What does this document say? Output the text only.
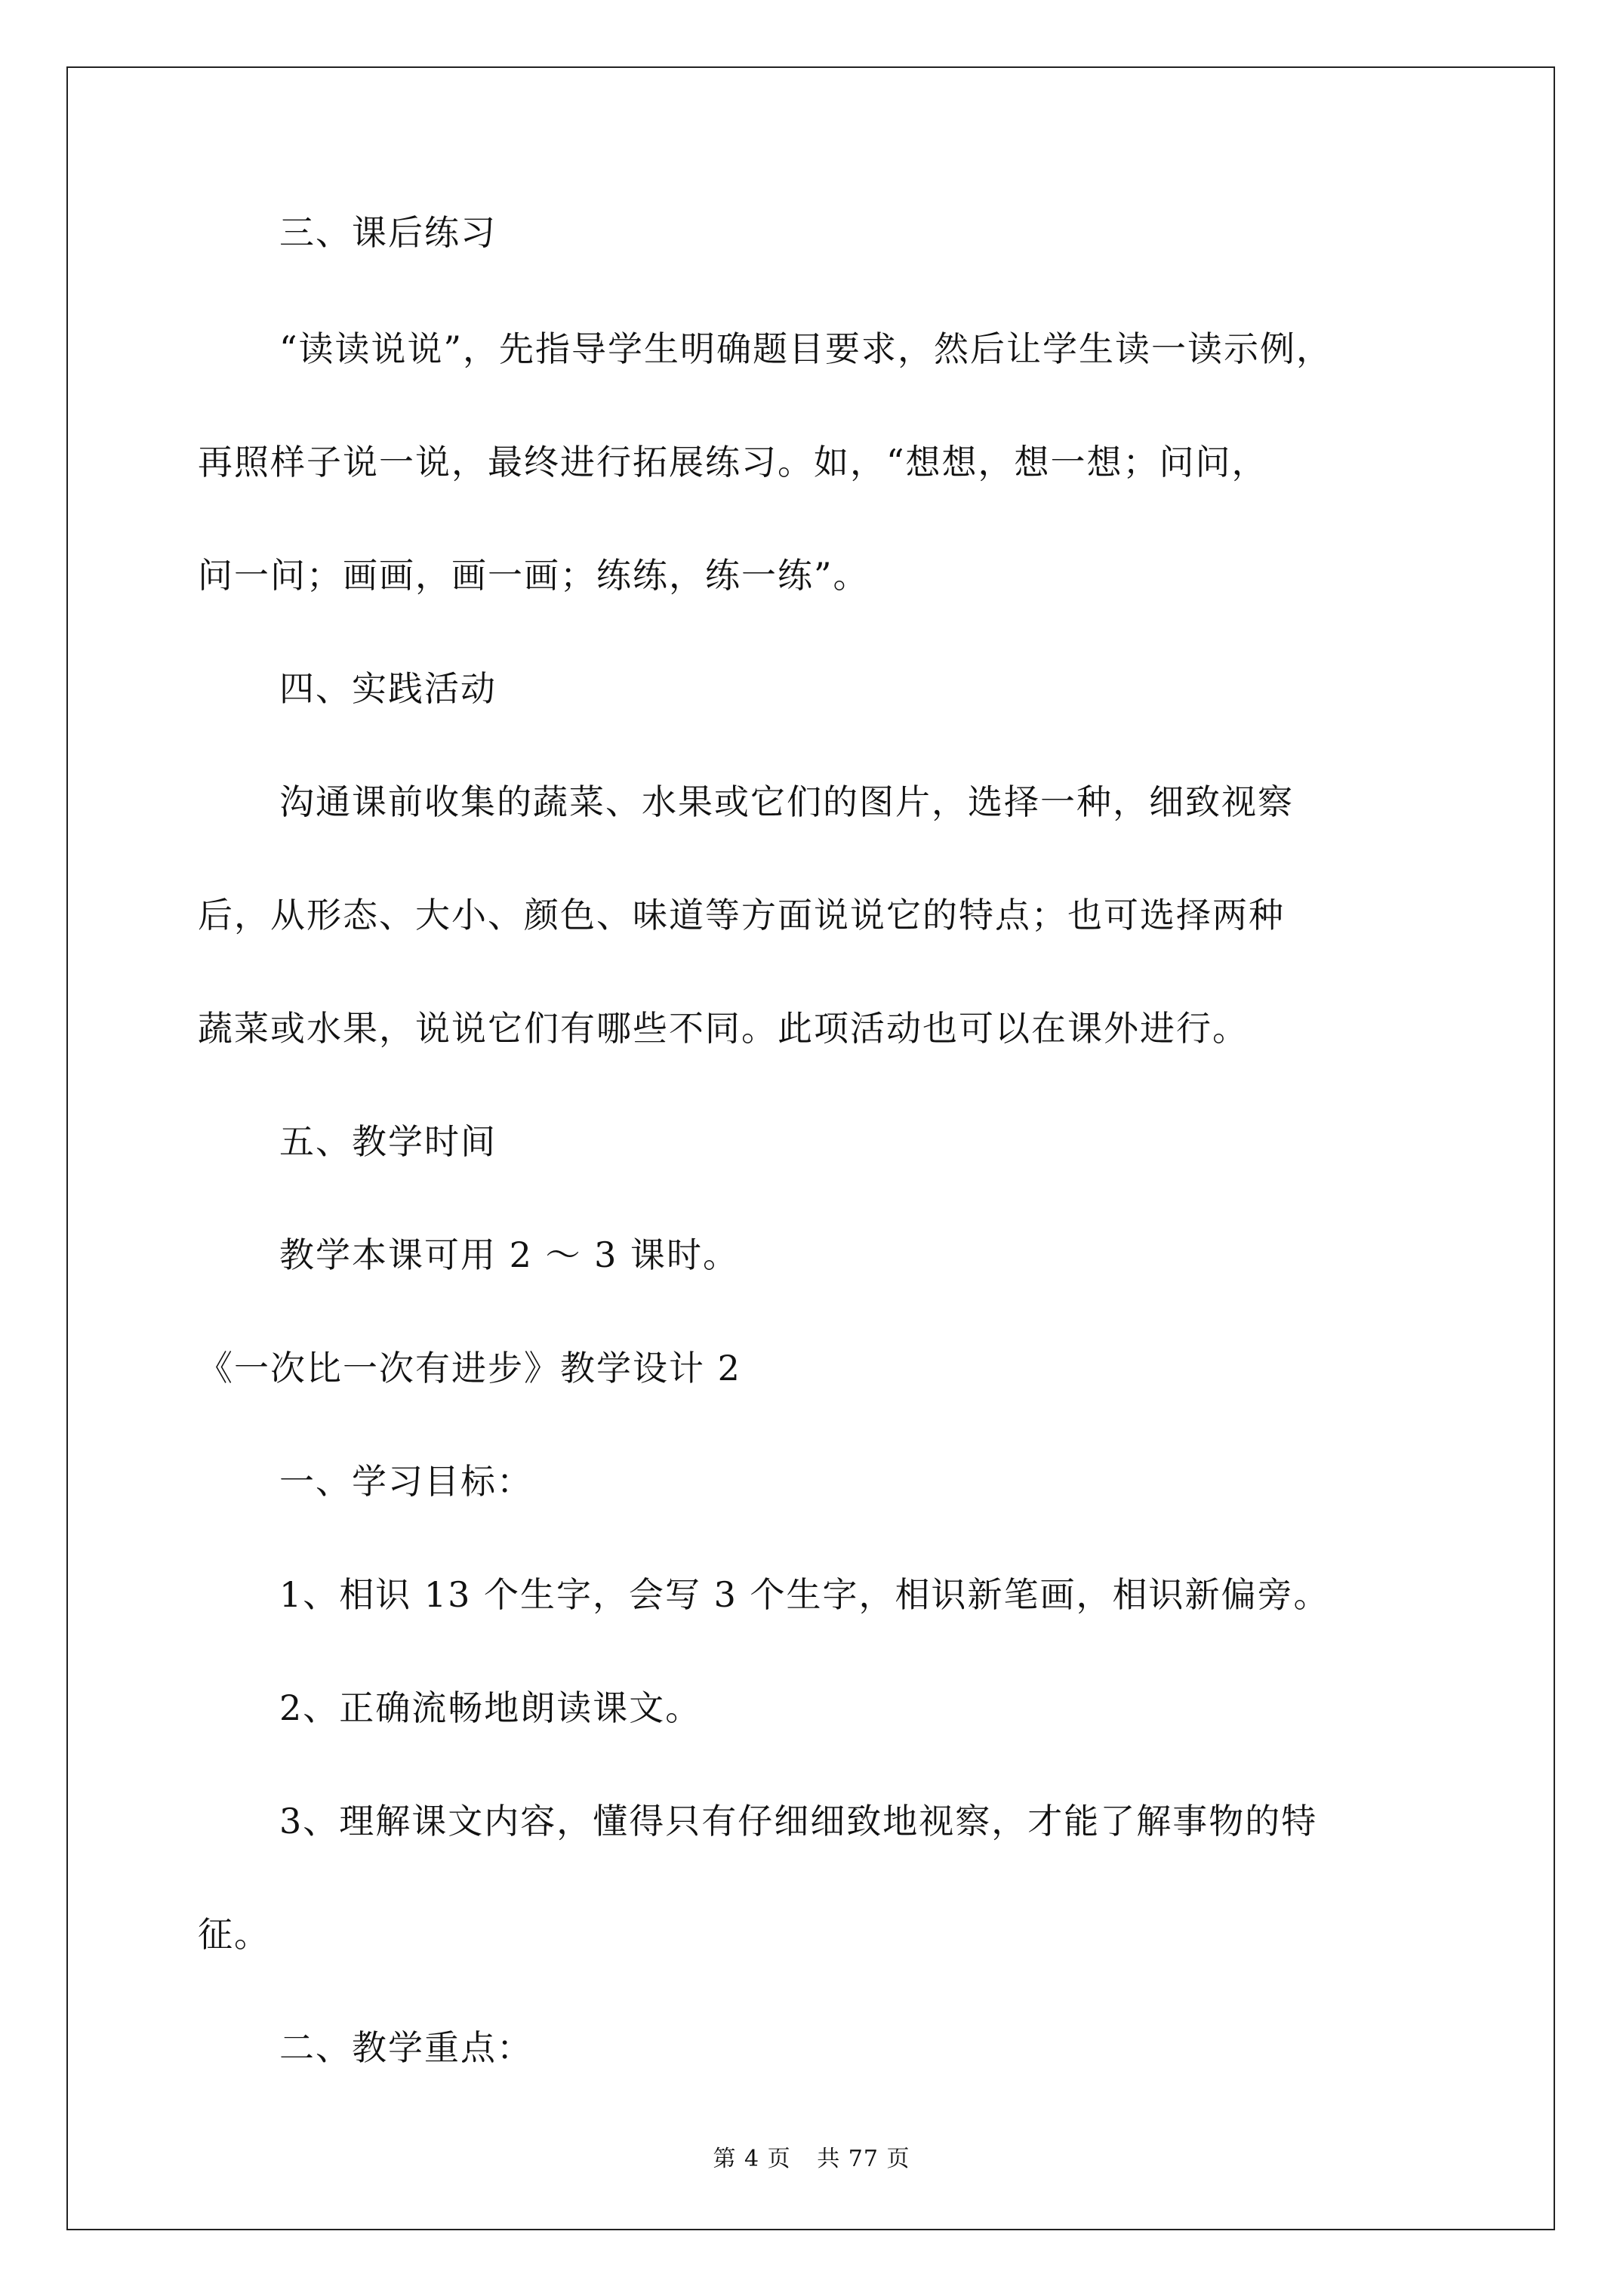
三、课后练习
“读读说说”，先指导学生明确题目要求，然后让学生读一读示例，
再照样子说一说，最终进行拓展练习。如，“想想，想一想；问问，
问一问；画画，画一画；练练，练一练”。
四、实践活动
沟通课前收集的蔬菜、水果或它们的图片，选择一种，细致视察
后，从形态、大小、颜色、味道等方面说说它的特点；也可选择两种
蔬菜或水果，说说它们有哪些不同。此项活动也可以在课外进行。
五、教学时间
教学本课可用 2 ～ 3 课时。
《一次比一次有进步》教学设计 2
一、学习目标：
1、相识 13 个生字，会写 3 个生字，相识新笔画，相识新偏旁。
2、正确流畅地朗读课文。
3、理解课文内容，懂得只有仔细细致地视察，才能了解事物的特
征。
二、教学重点：
第 4 页 共 77 页
